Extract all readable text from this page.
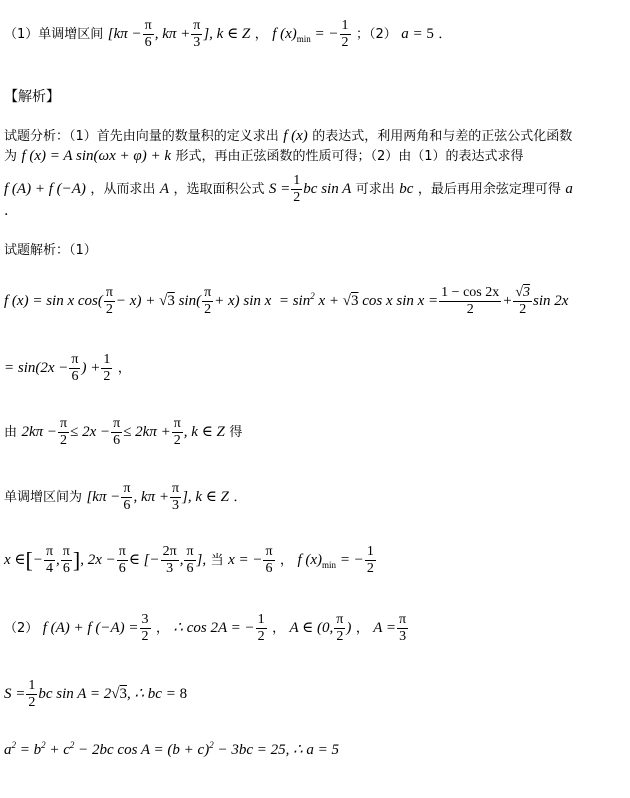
（1）单调增区间 [$k\pi - \frac{\pi}{6}$ , $k\pi + \frac{\pi}{3}$ ], k ∈ Z ， f $(x)_{min}$ = − $\frac{1}{2}$ ；（2） a = 5 ．
【解析】
试题分析：（1）首先由向量的数量积的定义求出 f (x) 的表达式，利用两角和与差的正弦公式化函数
为 f (x) = A sin(ωx + φ) + k 形式，再由正弦函数的性质可得；（2）由（1）的表达式求得
f (A) + f (−A) ，从而求出 A ，选取面积公式 $S = \frac{1}{2}$ bc sin A 可求出 bc ，最后再用余弦定理可得 a
.
试题解析：（1）
f (x) = sin x $\cos( \frac{\pi}{2} - x) + √3$ $\sin( \frac{\pi}{2} + x)$ $\sin x = \sin^2 x + √3$ cos x $\sin x = \frac{1 - \cos 2x}{2} + \frac{√3}{2}$ sin 2x
= $\sin(2x - \frac{\pi}{6}$ ) + $\frac{1}{2}$ ，
由 $2k\pi - \frac{\pi}{2} \le 2x - \frac{\pi}{6} \le 2k\pi + \frac{\pi}{2}$ , k ∈ Z 得
单调增区间为 [$k\pi - \frac{\pi}{6}$ , $k\pi + \frac{\pi}{3}$ ], k ∈ Z ．
x ∈[− $\frac{\pi}{4}$ , $\frac{\pi}{6}$ ], $2x - \frac{\pi}{6}$ ∈ [− $\frac{2\pi}{3}$ , $\frac{\pi}{6}$ ], 当 x = − $\frac{\pi}{6}$ ， f $(x)_{min}$ = − $\frac{1}{2}$
（2） f (A) + f $(-A) = \frac{3}{2}$ ， ∴ cos 2A = − $\frac{1}{2}$ ， A ∈ (0, $\frac{\pi}{2}$ ) ， $A = \frac{\pi}{3}$
$S = \frac{1}{2}$ bc sin A = 2√3, ∴ bc = 8
$a^2 = b^2 + c^2 - 2bc$ $\cos A = (b + c)^2 - 3bc = 25$, ∴ a = 5
